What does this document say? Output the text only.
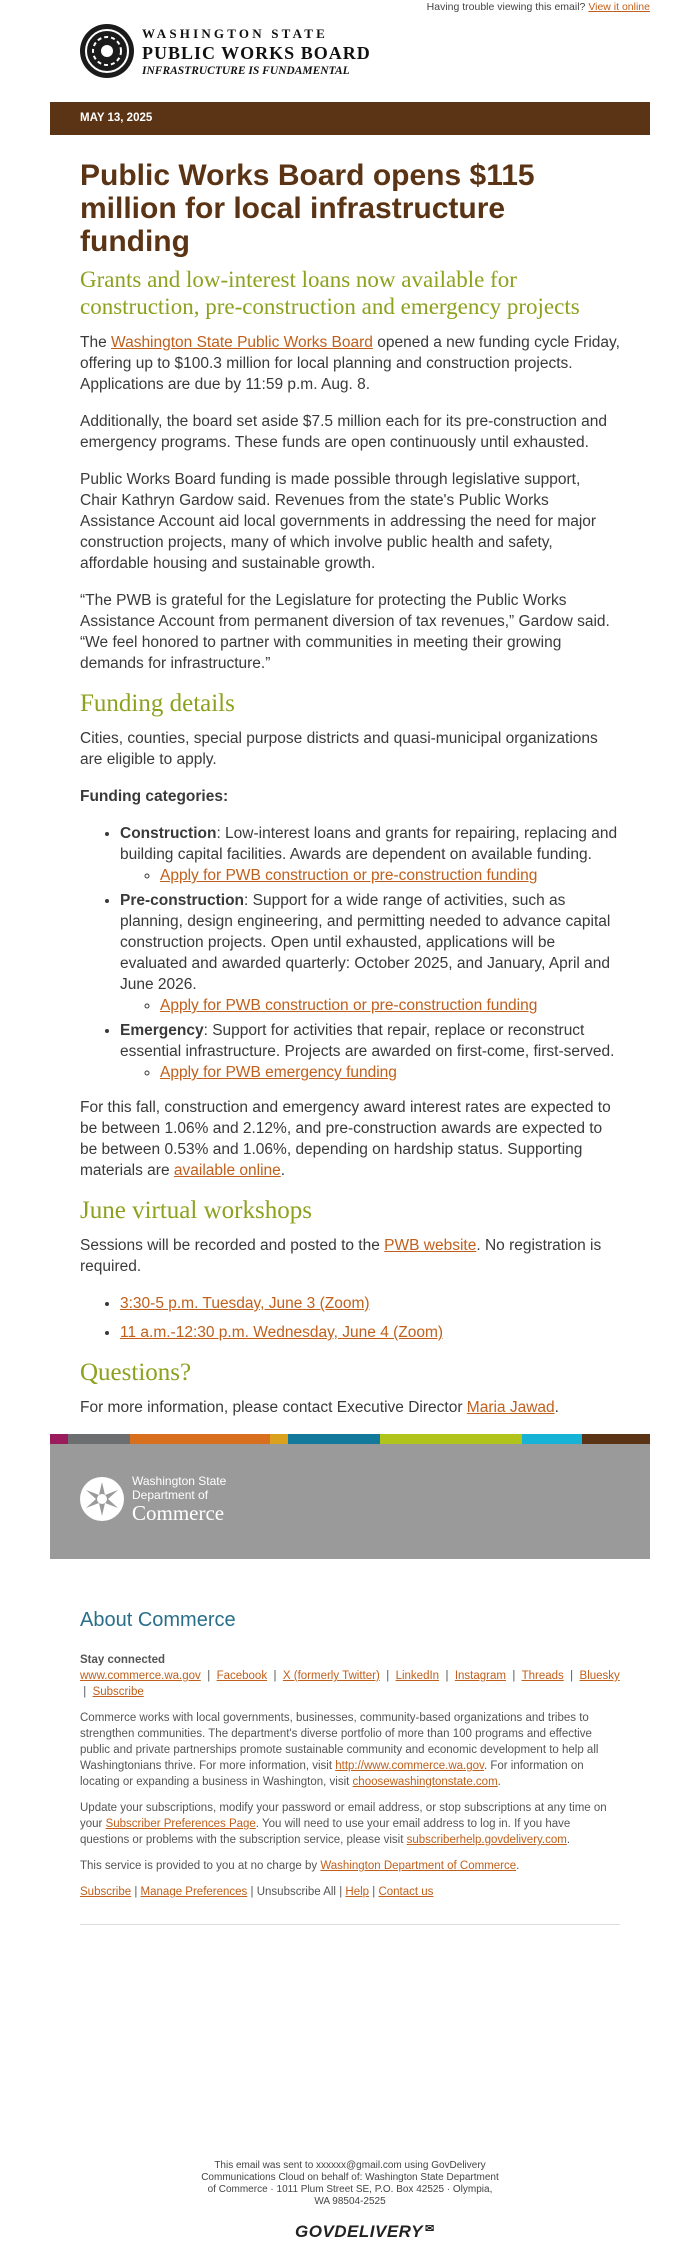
Having trouble viewing this email? View it online
WASHINGTON STATE
PUBLIC WORKS BOARD
INFRASTRUCTURE IS FUNDAMENTAL
MAY 13, 2025
Public Works Board opens $115 million for local infrastructure funding
Grants and low-interest loans now available for construction, pre-construction and emergency projects

The Washington State Public Works Board opened a new funding cycle Friday, offering up to $100.3 million for local planning and construction projects. Applications are due by 11:59 p.m. Aug. 8.

Additionally, the board set aside $7.5 million each for its pre-construction and emergency programs. These funds are open continuously until exhausted.

Public Works Board funding is made possible through legislative support, Chair Kathryn Gardow said. Revenues from the state's Public Works Assistance Account aid local governments in addressing the need for major construction projects, many of which involve public health and safety, affordable housing and sustainable growth.

“The PWB is grateful for the Legislature for protecting the Public Works Assistance Account from permanent diversion of tax revenues,” Gardow said. “We feel honored to partner with communities in meeting their growing demands for infrastructure.”

Funding details

Cities, counties, special purpose districts and quasi-municipal organizations are eligible to apply.

Funding categories:

• Construction: Low-interest loans and grants for repairing, replacing and building capital facilities. Awards are dependent on available funding.
◦ Apply for PWB construction or pre-construction funding
• Pre-construction: Support for a wide range of activities, such as planning, design engineering, and permitting needed to advance capital construction projects. Open until exhausted, applications will be evaluated and awarded quarterly: October 2025, and January, April and June 2026.
◦ Apply for PWB construction or pre-construction funding
• Emergency: Support for activities that repair, replace or reconstruct essential infrastructure. Projects are awarded on first-come, first-served.
◦ Apply for PWB emergency funding

For this fall, construction and emergency award interest rates are expected to be between 1.06% and 2.12%, and pre-construction awards are expected to be between 0.53% and 1.06%, depending on hardship status. Supporting materials are available online.

June virtual workshops

Sessions will be recorded and posted to the PWB website. No registration is required.

• 3:30-5 p.m. Tuesday, June 3 (Zoom)
• 11 a.m.-12:30 p.m. Wednesday, June 4 (Zoom)
Questions?

For more information, please contact Executive Director Maria Jawad.

Washington State
Department of
Commerce
About Commerce
Stay connected
www.commerce.wa.gov | Facebook | X (formerly Twitter) | LinkedIn | Instagram | Threads | Bluesky  | Subscribe

Commerce works with local governments, businesses, community-based organizations and tribes to strengthen communities. The department's diverse portfolio of more than 100 programs and effective public and private partnerships promote sustainable community and economic development to help all Washingtonians thrive. For more information, visit http://www.commerce.wa.gov. For information on locating or expanding a business in Washington, visit choosewashingtonstate.com.

Update your subscriptions, modify your password or email address, or stop subscriptions at any time on your Subscriber Preferences Page. You will need to use your email address to log in. If you have questions or problems with the subscription service, please visit subscriberhelp.govdelivery.com.

This service is provided to you at no charge by Washington Department of Commerce.

Subscribe | Manage Preferences | Unsubscribe All | Help | Contact us

This email was sent to xxxxxx@gmail.com using GovDelivery Communications Cloud on behalf of: Washington State Department of Commerce · 1011 Plum Street SE, P.O. Box 42525 · Olympia, WA 98504-2525
GOVDELIVERY ✉
